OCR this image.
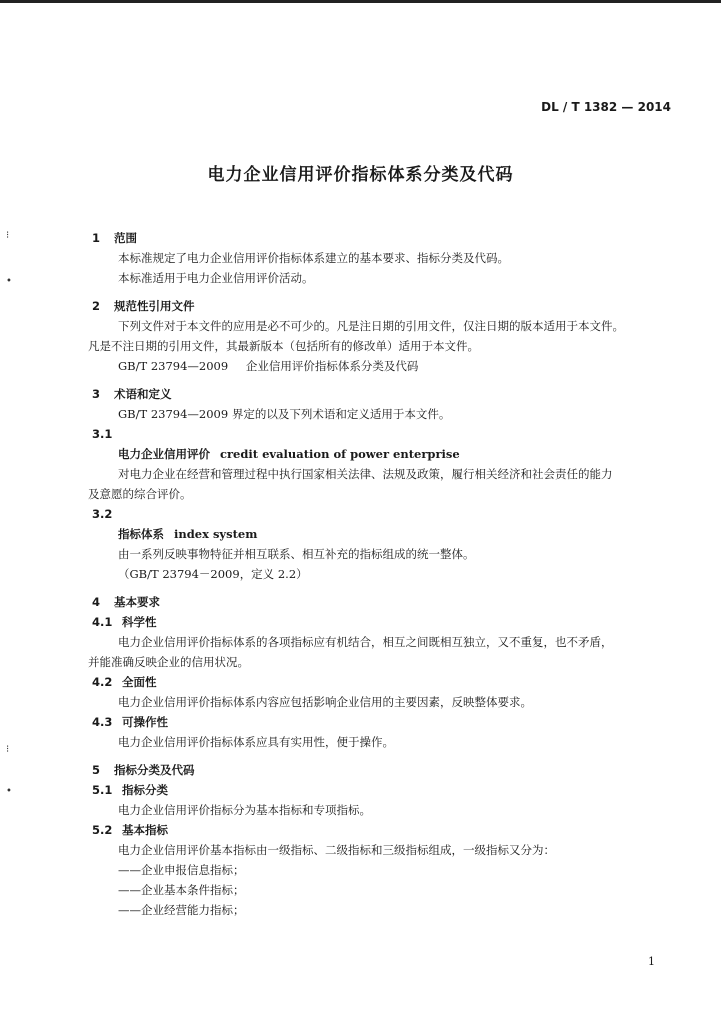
⁝
•
⁝
•
DL / T 1382 — 2014
电力企业信用评价指标体系分类及代码
1 范围
本标准规定了电力企业信用评价指标体系建立的基本要求、指标分类及代码。
本标准适用于电力企业信用评价活动。
2 规范性引用文件
下列文件对于本文件的应用是必不可少的。凡是注日期的引用文件，仅注日期的版本适用于本文件。
凡是不注日期的引用文件，其最新版本（包括所有的修改单）适用于本文件。
GB/T 23794—2009 企业信用评价指标体系分类及代码
3 术语和定义
GB/T 23794—2009 界定的以及下列术语和定义适用于本文件。
3.1
电力企业信用评价 credit evaluation of power enterprise
对电力企业在经营和管理过程中执行国家相关法律、法规及政策，履行相关经济和社会责任的能力
及意愿的综合评价。
3.2
指标体系 index system
由一系列反映事物特征并相互联系、相互补充的指标组成的统一整体。
（GB/T 23794－2009，定义 2.2）
4 基本要求
4.1 科学性
电力企业信用评价指标体系的各项指标应有机结合，相互之间既相互独立，又不重复，也不矛盾，
并能准确反映企业的信用状况。
4.2 全面性
电力企业信用评价指标体系内容应包括影响企业信用的主要因素，反映整体要求。
4.3 可操作性
电力企业信用评价指标体系应具有实用性，便于操作。
5 指标分类及代码
5.1 指标分类
电力企业信用评价指标分为基本指标和专项指标。
5.2 基本指标
电力企业信用评价基本指标由一级指标、二级指标和三级指标组成，一级指标又分为：
——企业申报信息指标；
——企业基本条件指标；
——企业经营能力指标；
1
